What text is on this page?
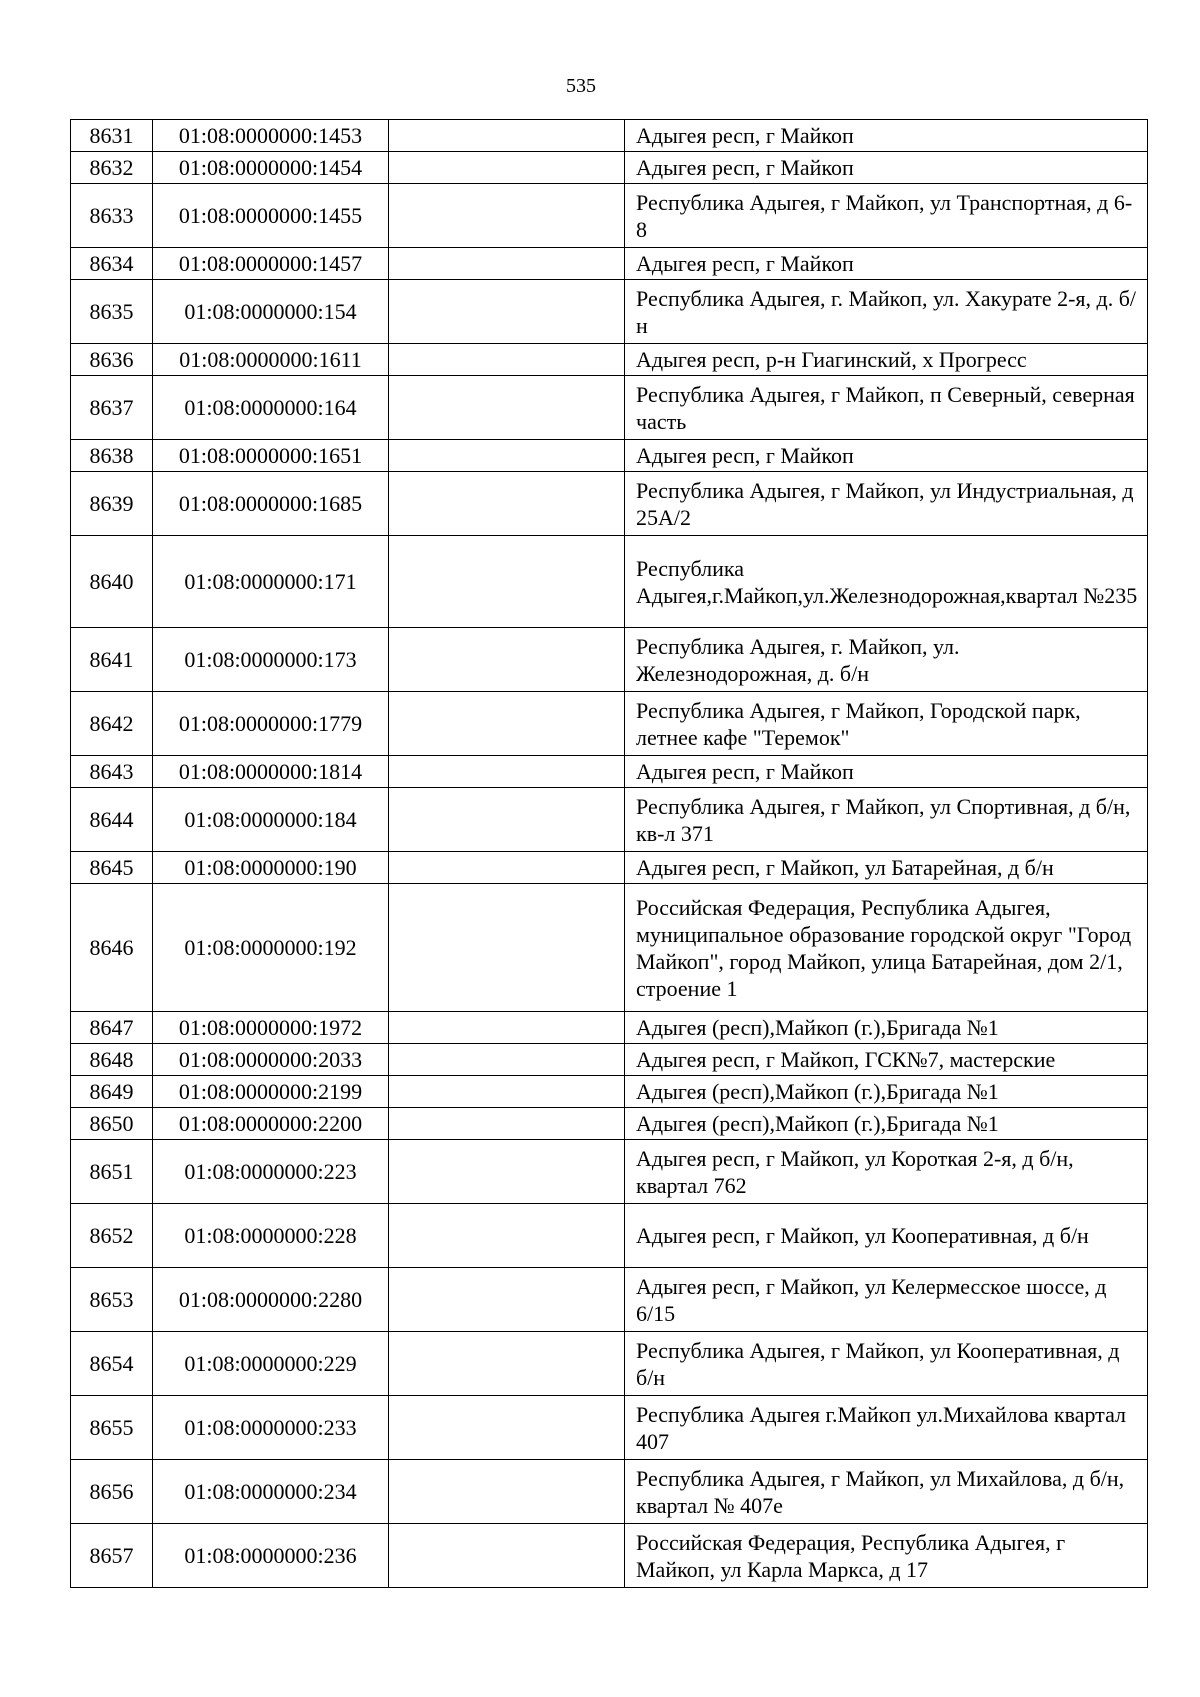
535
8631	01:08:0000000:1453		Адыгея респ, г Майкоп
8632	01:08:0000000:1454		Адыгея респ, г Майкоп
8633	01:08:0000000:1455		Республика Адыгея, г Майкоп, ул Транспортная, д 6-8
8634	01:08:0000000:1457		Адыгея респ, г Майкоп
8635	01:08:0000000:154		Республика Адыгея, г. Майкоп, ул. Хакурате 2-я, д. б/н
8636	01:08:0000000:1611		Адыгея респ, р-н Гиагинский, х Прогресс
8637	01:08:0000000:164		Республика Адыгея, г Майкоп, п Северный, северная часть
8638	01:08:0000000:1651		Адыгея респ, г Майкоп
8639	01:08:0000000:1685		Республика Адыгея, г Майкоп, ул Индустриальная, д 25А/2
8640	01:08:0000000:171		Республика Адыгея,г.Майкоп,ул.Железнодорожная,квартал №235
8641	01:08:0000000:173		Республика Адыгея, г. Майкоп, ул. Железнодорожная, д. б/н
8642	01:08:0000000:1779		Республика Адыгея, г Майкоп, Городской парк, летнее кафе "Теремок"
8643	01:08:0000000:1814		Адыгея респ, г Майкоп
8644	01:08:0000000:184		Республика Адыгея, г Майкоп, ул Спортивная, д б/н, кв-л 371
8645	01:08:0000000:190		Адыгея респ, г Майкоп, ул Батарейная, д б/н
8646	01:08:0000000:192		Российская Федерация, Республика Адыгея, муниципальное образование городской округ "Город Майкоп", город Майкоп, улица Батарейная, дом 2/1, строение 1
8647	01:08:0000000:1972		Адыгея (респ),Майкоп (г.),Бригада №1
8648	01:08:0000000:2033		Адыгея респ, г Майкоп, ГСК№7, мастерские
8649	01:08:0000000:2199		Адыгея (респ),Майкоп (г.),Бригада №1
8650	01:08:0000000:2200		Адыгея (респ),Майкоп (г.),Бригада №1
8651	01:08:0000000:223		Адыгея респ, г Майкоп, ул Короткая 2-я, д б/н, квартал 762
8652	01:08:0000000:228		Адыгея респ, г Майкоп, ул Кооперативная, д б/н
8653	01:08:0000000:2280		Адыгея респ, г Майкоп, ул Келермесское шоссе, д 6/15
8654	01:08:0000000:229		Республика Адыгея, г Майкоп, ул Кооперативная, д б/н
8655	01:08:0000000:233		Республика Адыгея г.Майкоп ул.Михайлова квартал 407
8656	01:08:0000000:234		Республика Адыгея, г Майкоп, ул Михайлова, д б/н, квартал № 407е
8657	01:08:0000000:236		Российская Федерация, Республика Адыгея, г Майкоп, ул Карла Маркса, д 17
